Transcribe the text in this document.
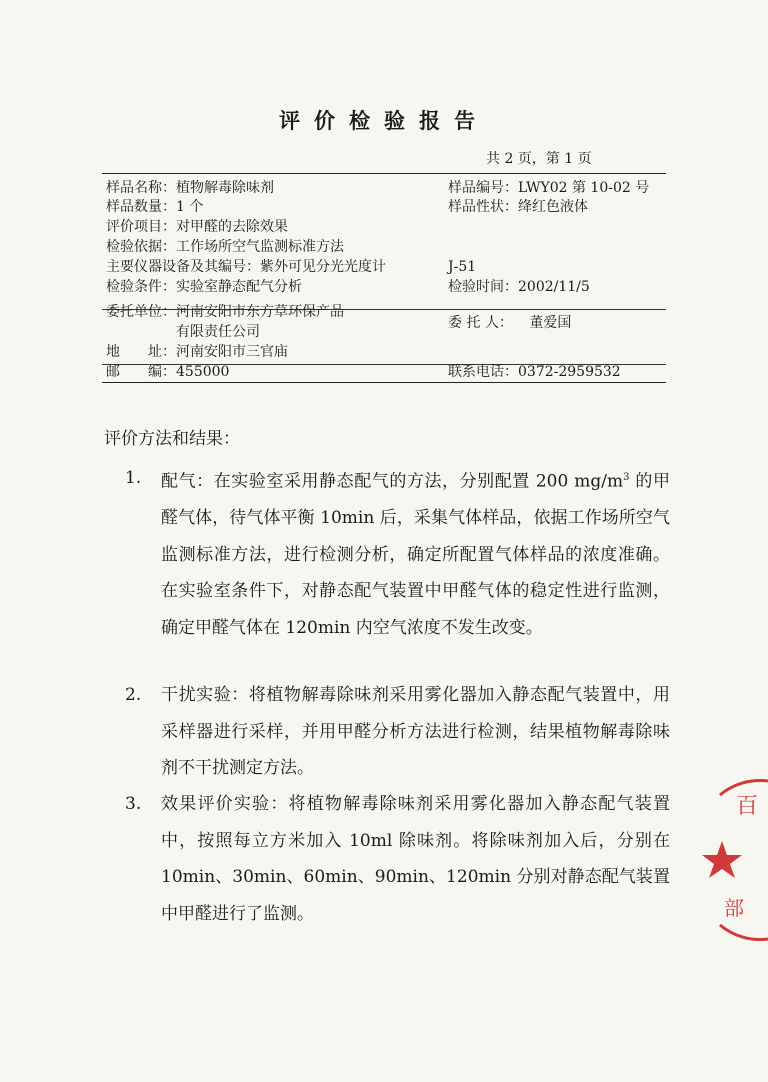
评价检验报告
共 2 页，第 1 页
样品名称：植物解毒除味剂	样品编号：LWY02 第 10-02 号
样品数量：1 个	样品性状：绛红色液体
评价项目：对甲醛的去除效果
检验依据：工作场所空气监测标准方法
主要仪器设备及其编号：紫外可见分光光度计	J-51
检验条件：实验室静态配气分析	检验时间：2002/11/5
委托单位：河南安阳市东方草环保产品
有限责任公司
委 托 人： 董爱国
地　　址：河南安阳市三官庙
邮　　编：455000	联系电话：0372-2959532
评价方法和结果：
1. 配气：在实验室采用静态配气的方法，分别配置 200 $mg/m^3$ 的甲醛气体，待气体平衡 10min 后，采集气体样品，依据工作场所空气监测标准方法，进行检测分析，确定所配置气体样品的浓度准确。在实验室条件下，对静态配气装置中甲醛气体的稳定性进行监测，确定甲醛气体在 120min 内空气浓度不发生改变。
2. 干扰实验：将植物解毒除味剂采用雾化器加入静态配气装置中，用采样器进行采样，并用甲醛分析方法进行检测，结果植物解毒除味剂不干扰测定方法。
3. 效果评价实验：将植物解毒除味剂采用雾化器加入静态配气装置中，按照每立方米加入 10ml 除味剂。将除味剂加入后，分别在 10min、30min、60min、90min、120min 分别对静态配气装置中甲醛进行了监测。
百
部
